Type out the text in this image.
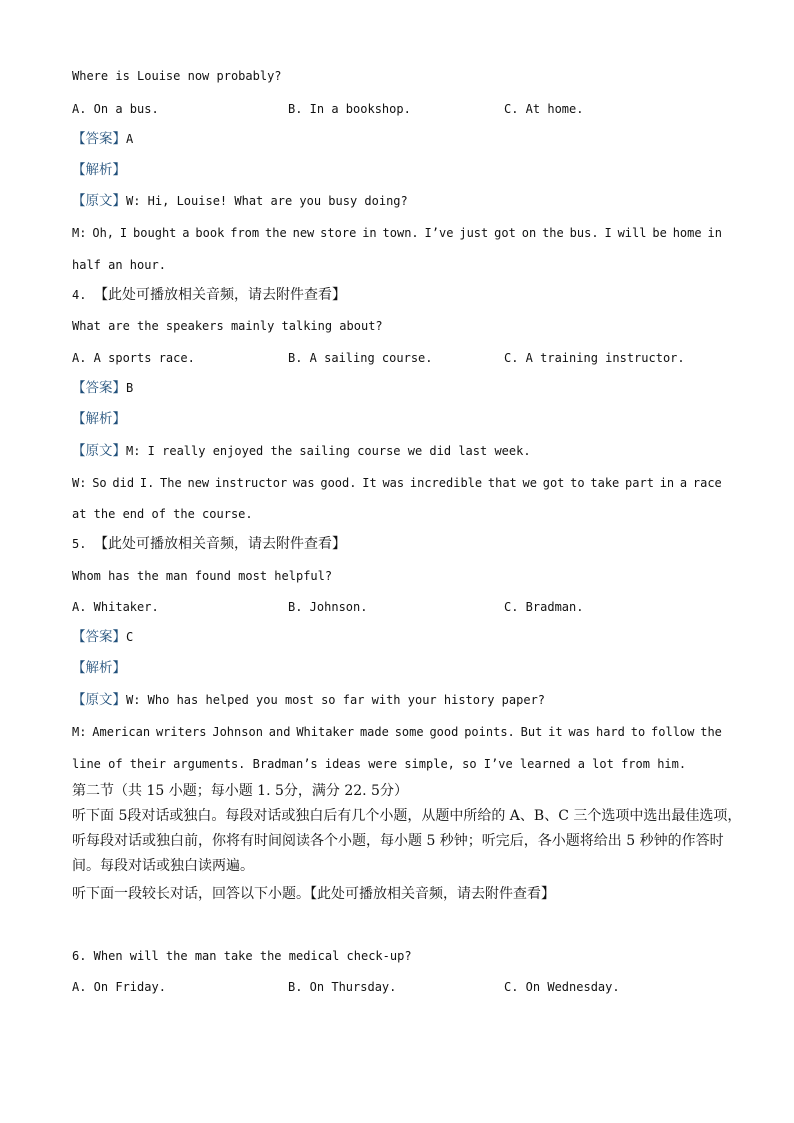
Where is Louise now probably?
A. On a bus.	B. In a bookshop.	C. At home.
【答案】A
【解析】
【原文】W: Hi, Louise! What are you busy doing?
M: Oh, I bought a book from the new store in town. I’ve just got on the bus. I will be home in
half an hour.
4. 【此处可播放相关音频，请去附件查看】
What are the speakers mainly talking about?
A. A sports race.	B. A sailing course.	C. A training instructor.
【答案】B
【解析】
【原文】M: I really enjoyed the sailing course we did last week.
W: So did I. The new instructor was good. It was incredible that we got to take part in a race
at the end of the course.
5. 【此处可播放相关音频，请去附件查看】
Whom has the man found most helpful?
A. Whitaker.	B. Johnson.	C. Bradman.
【答案】C
【解析】
【原文】W: Who has helped you most so far with your history paper?
M: American writers Johnson and Whitaker made some good points. But it was hard to follow the
line of their arguments. Bradman’s ideas were simple, so I’ve learned a lot from him.
第二节（共 15 小题；每小题 1. 5分，满分 22. 5分）
听下面 5段对话或独白。每段对话或独白后有几个小题，从题中所给的 A、B、C 三个选项中选出最佳选项，
听每段对话或独白前，你将有时间阅读各个小题，每小题 5 秒钟；听完后，各小题将给出 5 秒钟的作答时
间。每段对话或独白读两遍。
听下面一段较长对话，回答以下小题。【此处可播放相关音频，请去附件查看】
6. When will the man take the medical check-up?
A. On Friday.	B. On Thursday.	C. On Wednesday.
